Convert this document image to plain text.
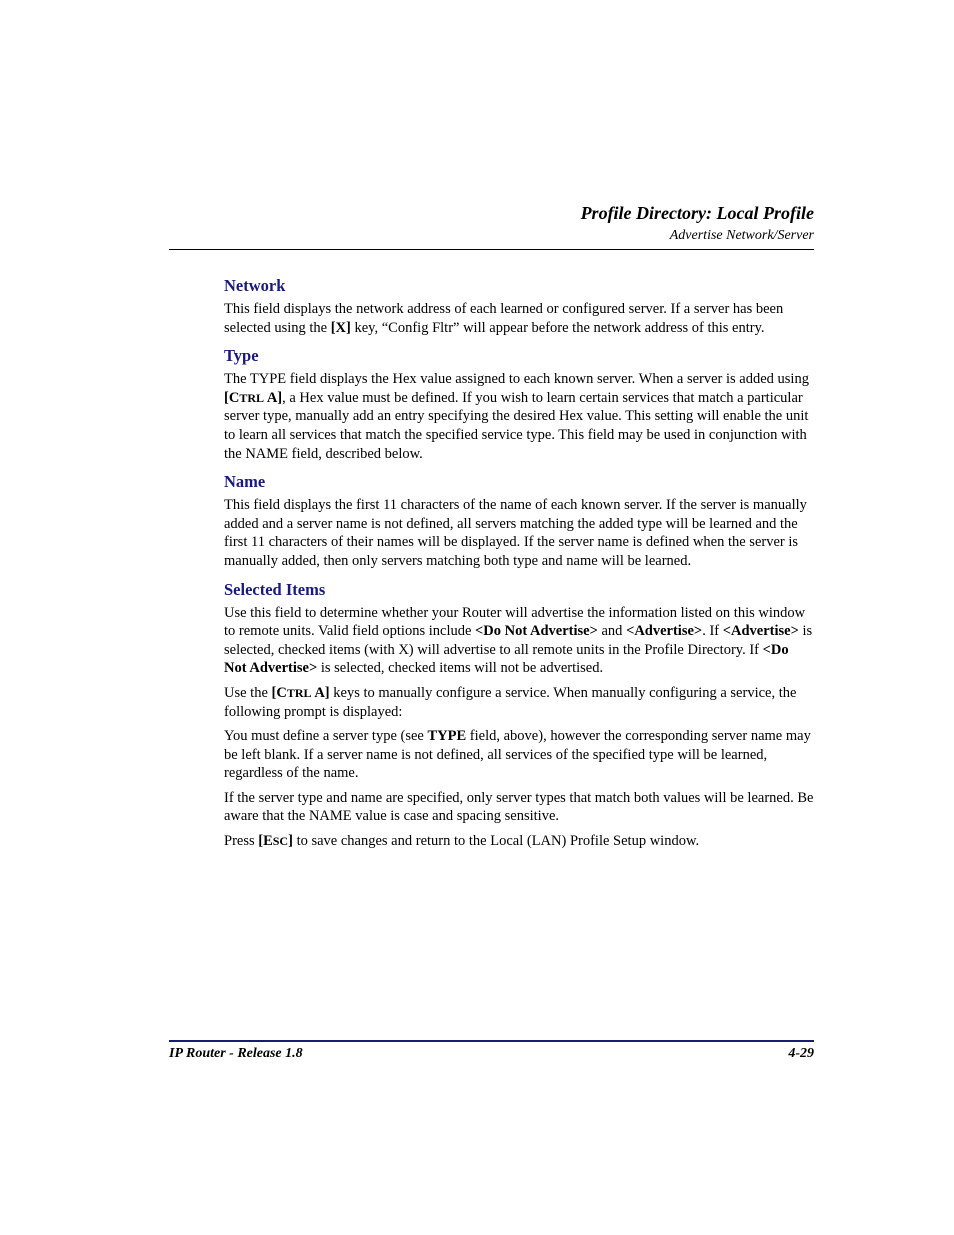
Profile Directory: Local Profile
Advertise Network/Server
Network

This field displays the network address of each learned or configured server. If a server has been selected using the [X] key, “Config Fltr” will appear before the network address of this entry.

Type

The TYPE field displays the Hex value assigned to each known server. When a server is added using [CTRL A], a Hex value must be defined. If you wish to learn certain services that match a particular server type, manually add an entry specifying the desired Hex value. This setting will enable the unit to learn all services that match the specified service type. This field may be used in conjunction with the NAME field, described below.

Name

This field displays the first 11 characters of the name of each known server. If the server is manually added and a server name is not defined, all servers matching the added type will be learned and the first 11 characters of their names will be displayed. If the server name is defined when the server is manually added, then only servers matching both type and name will be learned.

Selected Items

Use this field to determine whether your Router will advertise the information listed on this window to remote units. Valid field options include <Do Not Advertise> and <Advertise>. If <Advertise> is selected, checked items (with X) will advertise to all remote units in the Profile Directory. If <Do Not Advertise> is selected, checked items will not be advertised.

Use the [CTRL A] keys to manually configure a service. When manually configuring a service, the following prompt is displayed:

You must define a server type (see TYPE field, above), however the corresponding server name may be left blank. If a server name is not defined, all services of the specified type will be learned, regardless of the name.

If the server type and name are specified, only server types that match both values will be learned. Be aware that the NAME value is case and spacing sensitive.

Press [ESC] to save changes and return to the Local (LAN) Profile Setup window.

IP Router - Release 1.8	4-29
